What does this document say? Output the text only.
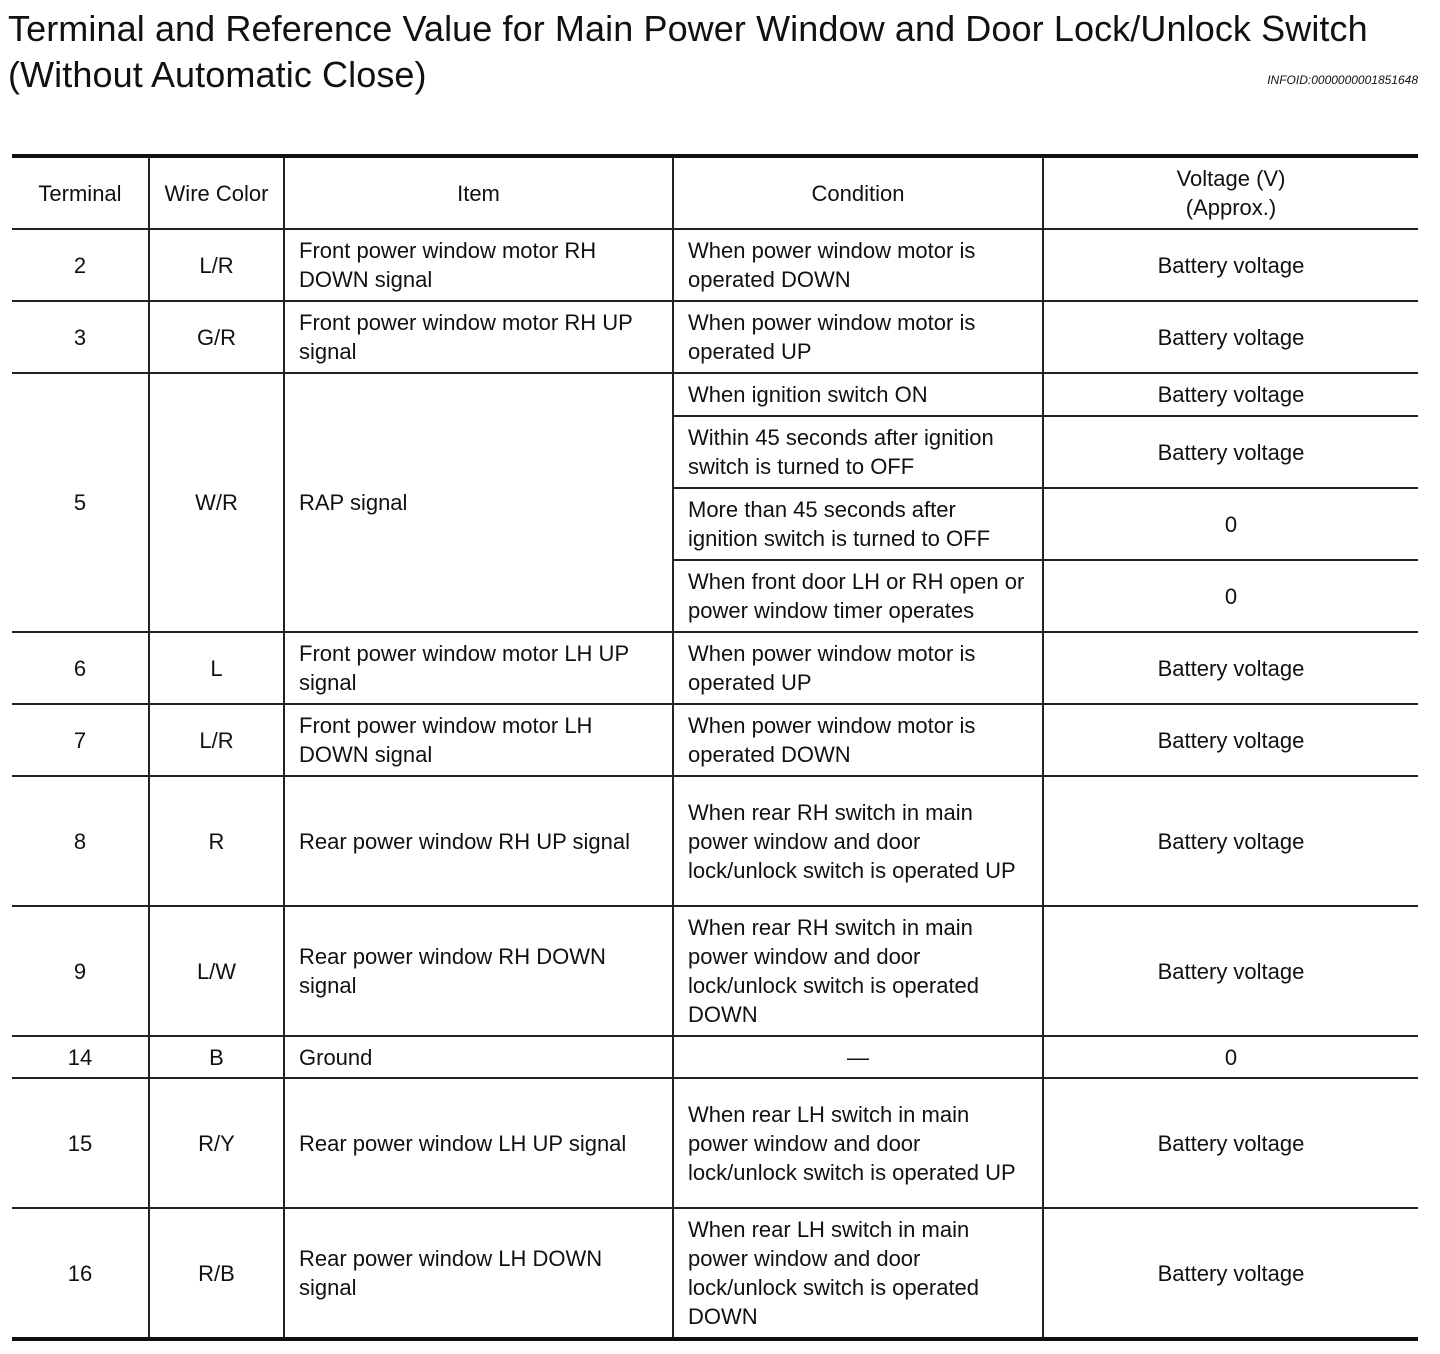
Terminal and Reference Value for Main Power Window and Door Lock/Unlock Switch (Without Automatic Close)	INFOID:0000000001851648
Terminal	Wire Color	Item	Condition	Voltage (V)
(Approx.)

2	L/R	Front power window motor RH DOWN signal	When power window motor is operated DOWN	Battery voltage
3	G/R	Front power window motor RH UP signal	When power window motor is operated UP	Battery voltage
5	W/R	RAP signal	When ignition switch ON	Battery voltage
			Within 45 seconds after ignition switch is turned to OFF	Battery voltage
			More than 45 seconds after ignition switch is turned to OFF	0
			When front door LH or RH open or power window timer operates	0
6	L	Front power window motor LH UP signal	When power window motor is operated UP	Battery voltage
7	L/R	Front power window motor LH DOWN signal	When power window motor is operated DOWN	Battery voltage
8	R	Rear power window RH UP signal	When rear RH switch in main power window and door lock/unlock switch is operated UP	Battery voltage
9	L/W	Rear power window RH DOWN signal	When rear RH switch in main power window and door lock/unlock switch is operated DOWN	Battery voltage
14	B	Ground	—	0
15	R/Y	Rear power window LH UP signal	When rear LH switch in main power window and door lock/unlock switch is operated UP	Battery voltage
16	R/B	Rear power window LH DOWN signal	When rear LH switch in main power window and door lock/unlock switch is operated DOWN	Battery voltage
